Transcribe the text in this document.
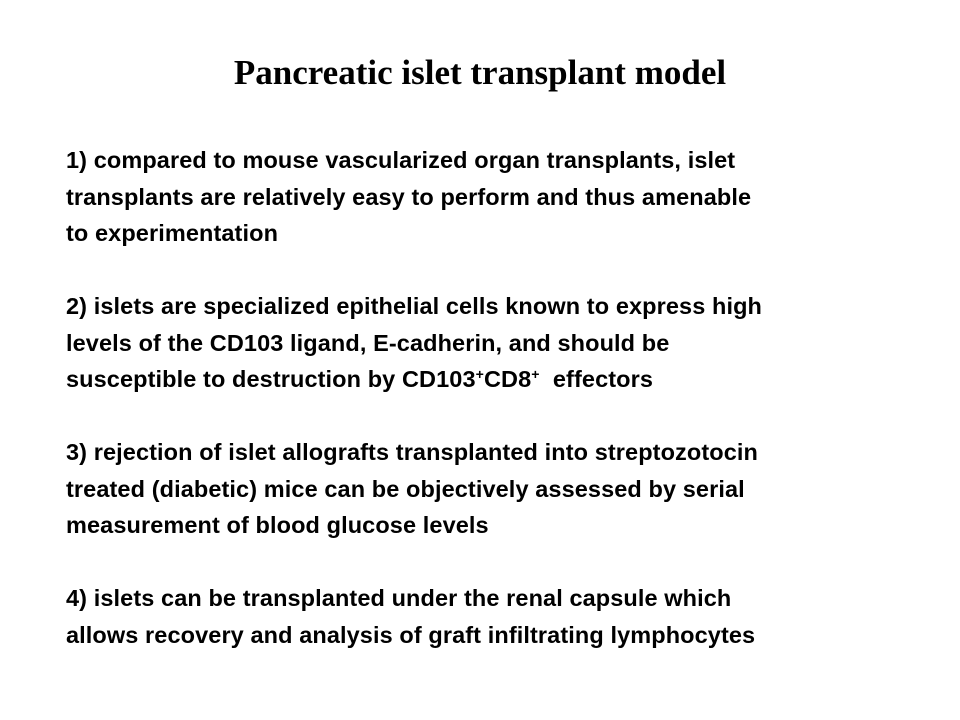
Pancreatic islet transplant model
1) compared to mouse vascularized organ transplants, islet
transplants are relatively easy to perform and thus amenable
to experimentation
2) islets are specialized epithelial cells known to express high
levels of the CD103 ligand, E-cadherin, and should be
susceptible to destruction by CD103+CD8+  effectors
3) rejection of islet allografts transplanted into streptozotocin
treated (diabetic) mice can be objectively assessed by serial
measurement of blood glucose levels
4) islets can be transplanted under the renal capsule which
allows recovery and analysis of graft infiltrating lymphocytes
